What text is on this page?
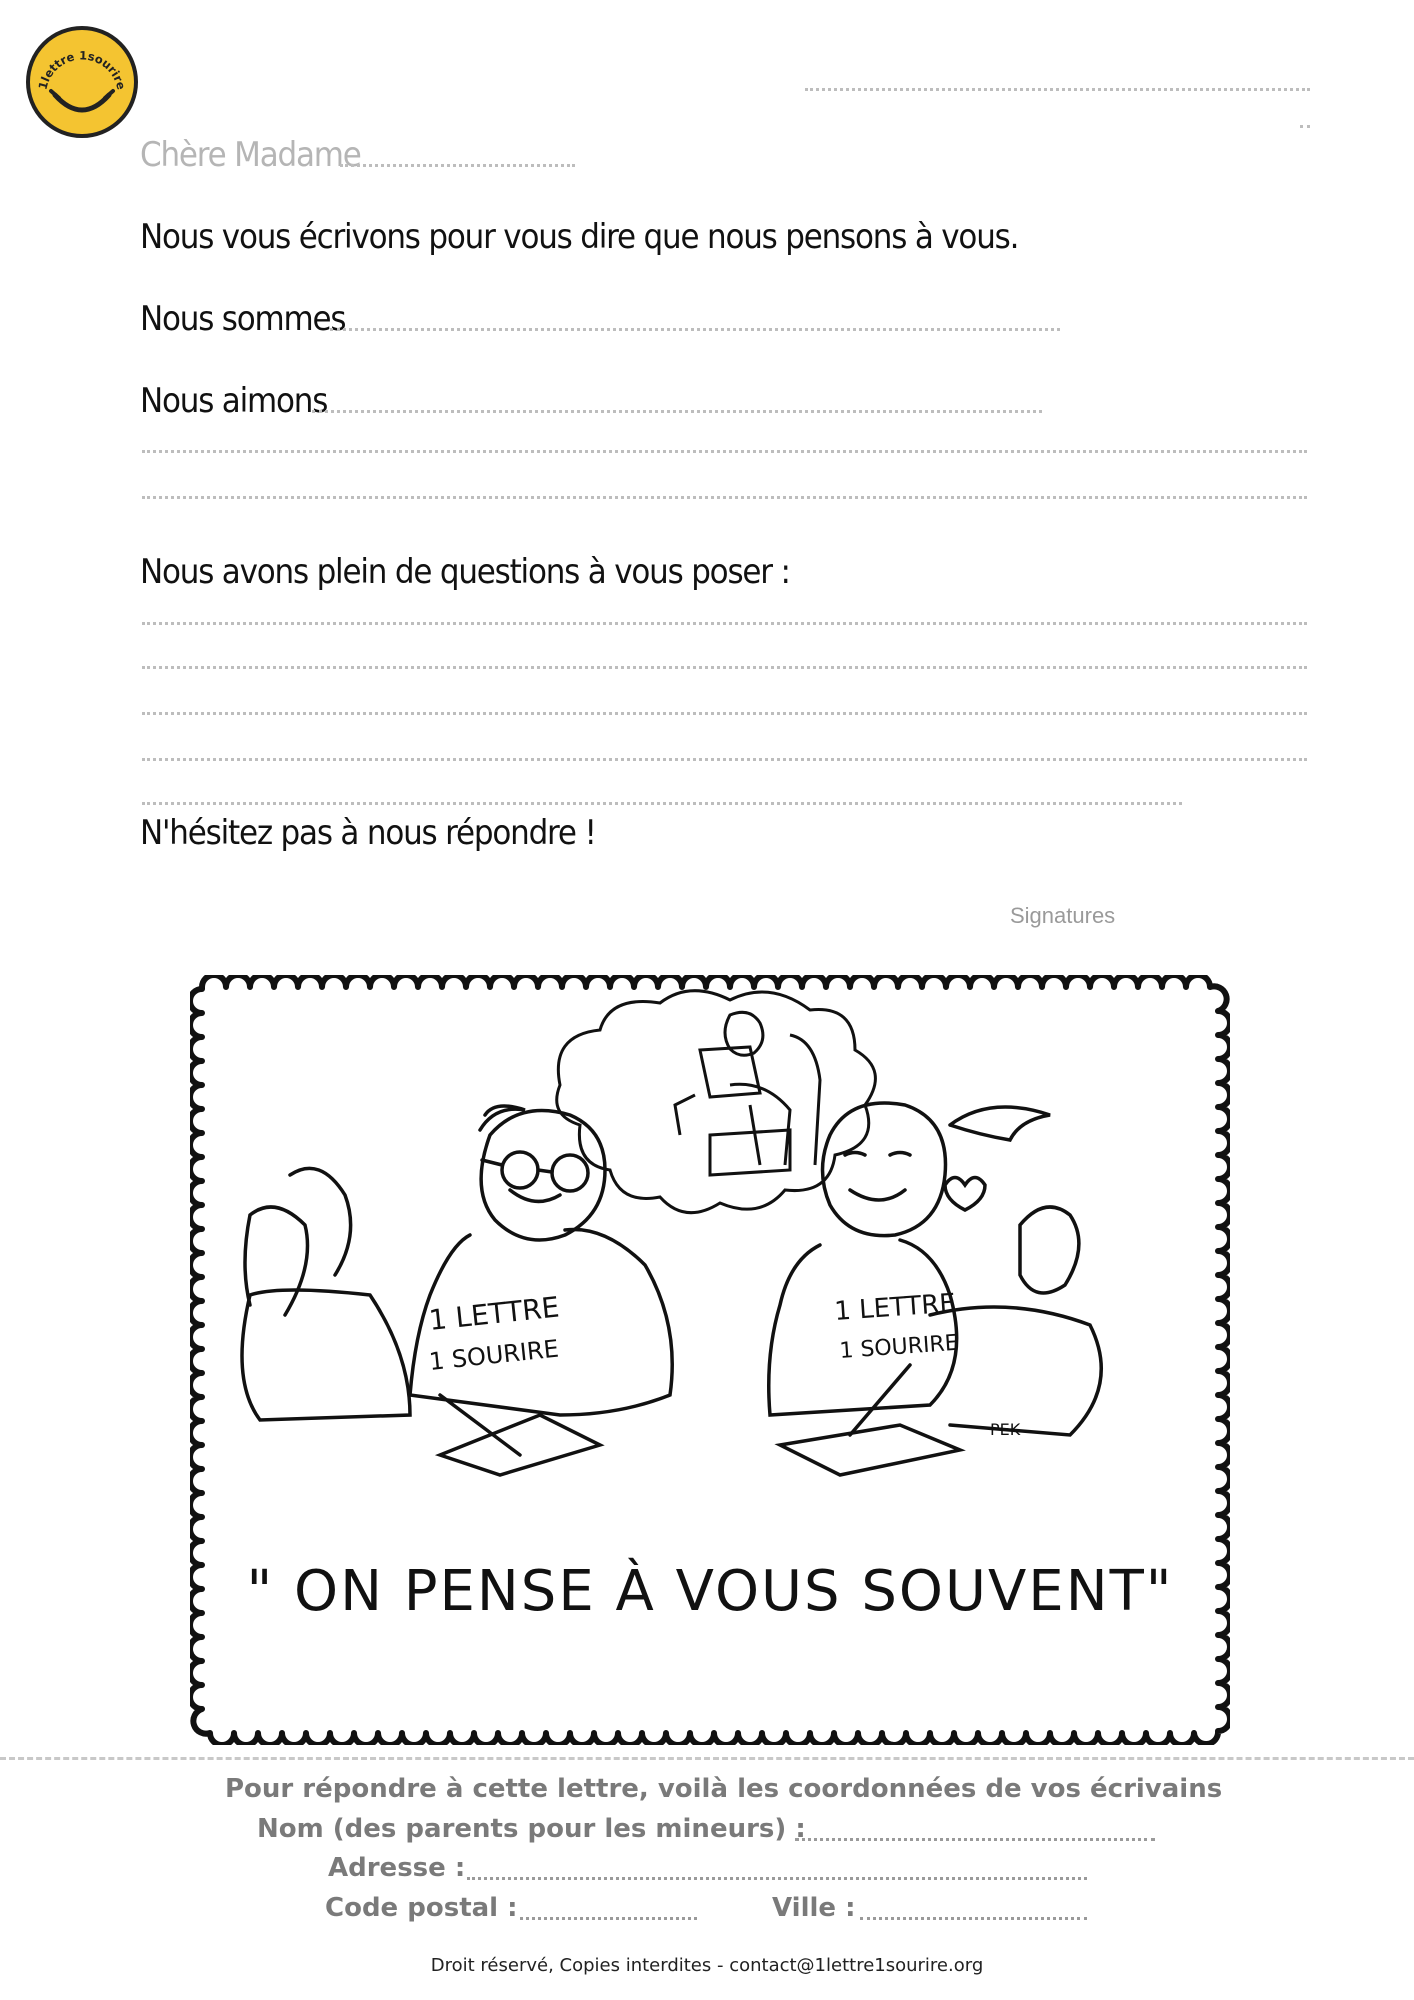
1lettre 1sourire
Chère Madame
Nous vous écrivons pour vous dire que nous pensons à vous.
Nous sommes
Nous aimons
Nous avons plein de questions à vous poser :
N'hésitez pas à nous répondre !
Signatures
1 LETTRE
1 SOURIRE
1 LETTRE
1 SOURIRE
PEK
" ON PENSE À VOUS SOUVENT"
Pour répondre à cette lettre, voilà les coordonnées de vos écrivains
Nom (des parents pour les mineurs) :
Adresse :
Code postal :	Ville :
Droit réservé, Copies interdites - contact@1lettre1sourire.org
